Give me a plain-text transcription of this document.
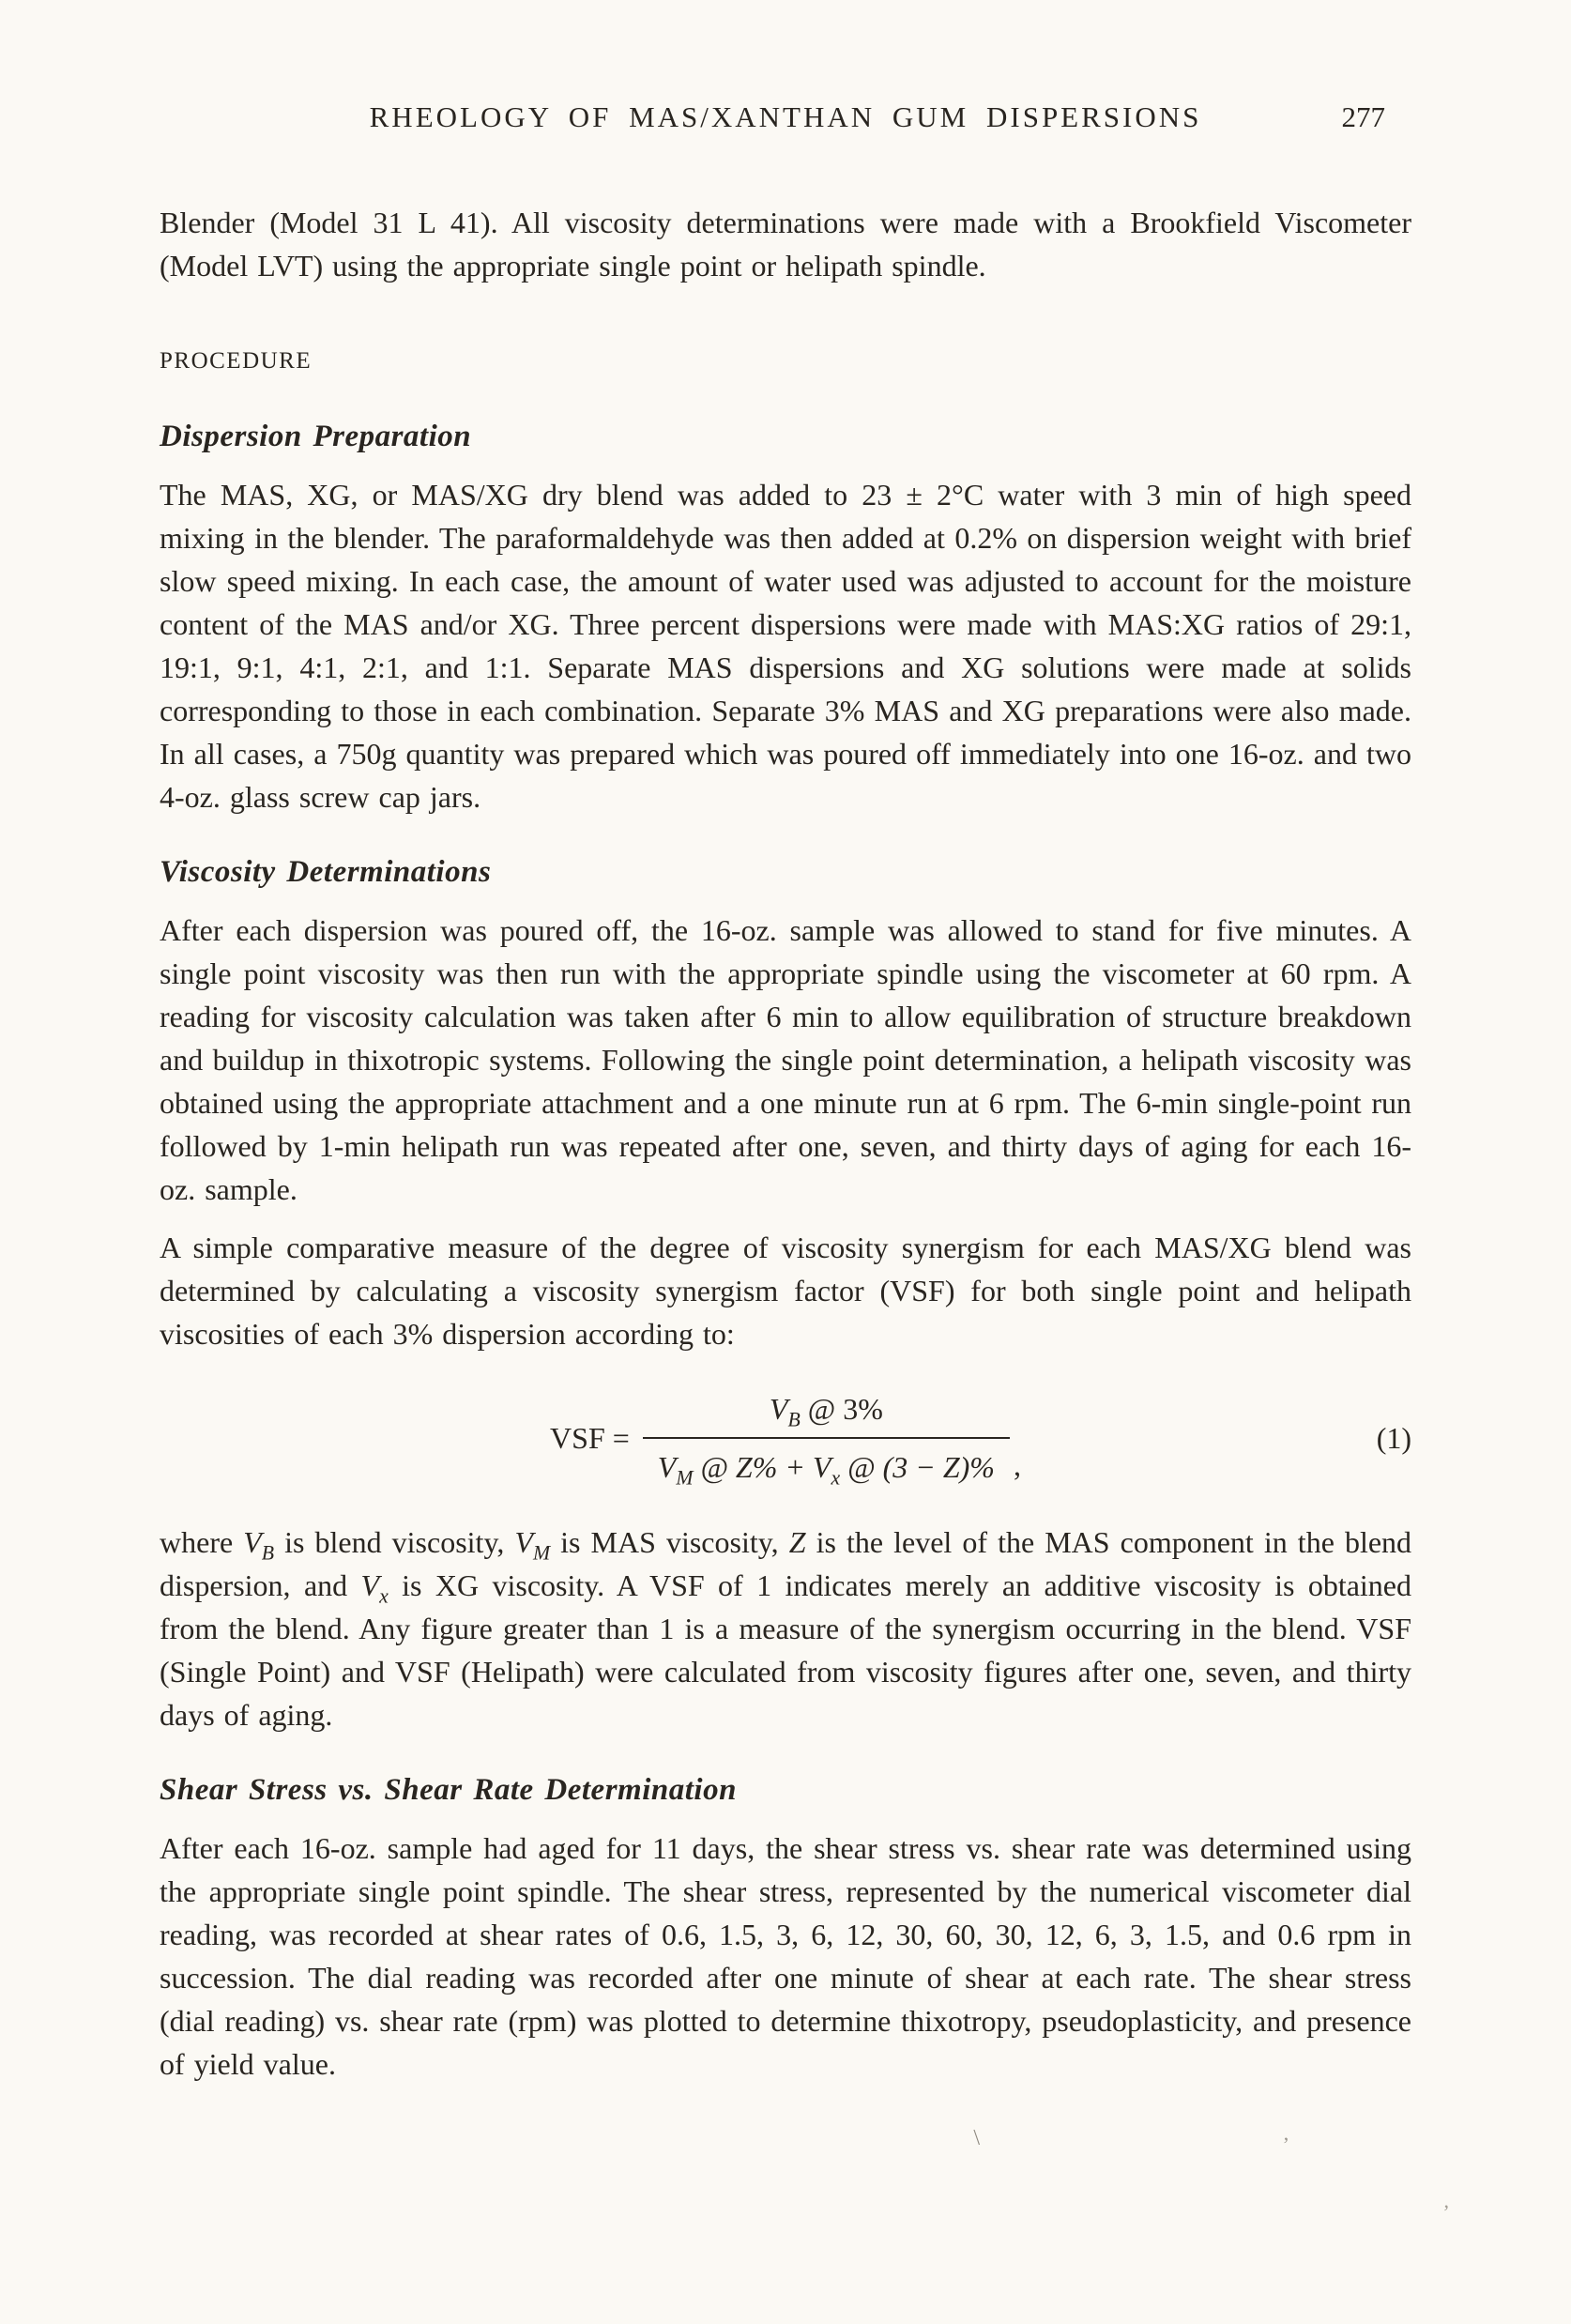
RHEOLOGY OF MAS/XANTHAN GUM DISPERSIONS	277

Blender (Model 31 L 41). All viscosity determinations were made with a Brookfield Viscometer (Model LVT) using the appropriate single point or helipath spindle.

PROCEDURE
Dispersion Preparation

The MAS, XG, or MAS/XG dry blend was added to 23 ± 2°C water with 3 min of high speed mixing in the blender. The paraformaldehyde was then added at 0.2% on dispersion weight with brief slow speed mixing. In each case, the amount of water used was adjusted to account for the moisture content of the MAS and/or XG. Three percent dispersions were made with MAS:XG ratios of 29:1, 19:1, 9:1, 4:1, 2:1, and 1:1. Separate MAS dispersions and XG solutions were made at solids corresponding to those in each combination. Separate 3% MAS and XG preparations were also made. In all cases, a 750g quantity was prepared which was poured off immediately into one 16-oz. and two 4-oz. glass screw cap jars.

Viscosity Determinations

After each dispersion was poured off, the 16-oz. sample was allowed to stand for five minutes. A single point viscosity was then run with the appropriate spindle using the viscometer at 60 rpm. A reading for viscosity calculation was taken after 6 min to allow equilibration of structure breakdown and buildup in thixotropic systems. Following the single point determination, a helipath viscosity was obtained using the appropriate attachment and a one minute run at 6 rpm. The 6-min single-point run followed by 1-min helipath run was repeated after one, seven, and thirty days of aging for each 16-oz. sample.

A simple comparative measure of the degree of viscosity synergism for each MAS/XG blend was determined by calculating a viscosity synergism factor (VSF) for both single point and helipath viscosities of each 3% dispersion according to:

VSF = $\frac{V_B @ 3\%}{V_M @ Z\% + V_x @ (3 - Z)\%}$ ,
(1)

where $V_B$ is blend viscosity, $V_M$ is MAS viscosity, Z is the level of the MAS component in the blend dispersion, and $V_x$ is XG viscosity. A VSF of 1 indicates merely an additive viscosity is obtained from the blend. Any figure greater than 1 is a measure of the synergism occurring in the blend. VSF (Single Point) and VSF (Helipath) were calculated from viscosity figures after one, seven, and thirty days of aging.

Shear Stress vs. Shear Rate Determination

After each 16-oz. sample had aged for 11 days, the shear stress vs. shear rate was determined using the appropriate single point spindle. The shear stress, represented by the numerical viscometer dial reading, was recorded at shear rates of 0.6, 1.5, 3, 6, 12, 30, 60, 30, 12, 6, 3, 1.5, and 0.6 rpm in succession. The dial reading was recorded after one minute of shear at each rate. The shear stress (dial reading) vs. shear rate (rpm) was plotted to determine thixotropy, pseudoplasticity, and presence of yield value.

\	’
,
